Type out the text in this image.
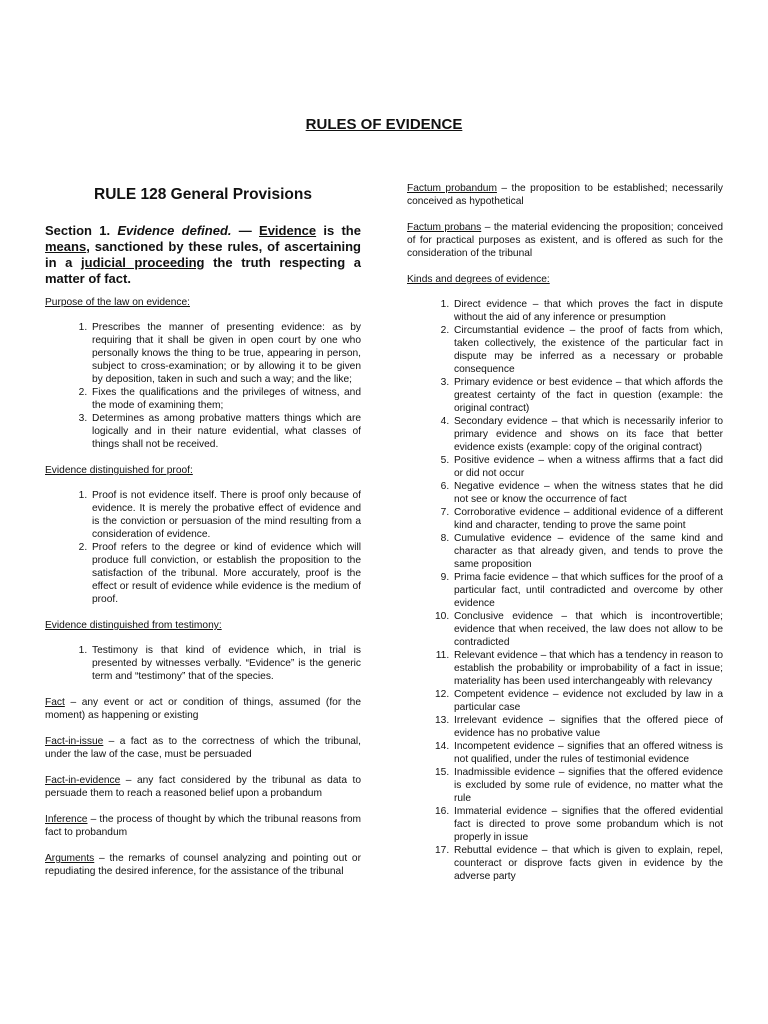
RULES OF EVIDENCE
RULE 128 General Provisions
Section 1. Evidence defined. — Evidence is the means, sanctioned by these rules, of ascertaining in a judicial proceeding the truth respecting a matter of fact.
Purpose of the law on evidence:
1. Prescribes the manner of presenting evidence: as by requiring that it shall be given in open court by one who personally knows the thing to be true, appearing in person, subject to cross-examination; or by allowing it to be given by deposition, taken in such and such a way; and the like;
2. Fixes the qualifications and the privileges of witness, and the mode of examining them;
3. Determines as among probative matters things which are logically and in their nature evidential, what classes of things shall not be received.
Evidence distinguished for proof:
1. Proof is not evidence itself. There is proof only because of evidence. It is merely the probative effect of evidence and is the conviction or persuasion of the mind resulting from a consideration of evidence.
2. Proof refers to the degree or kind of evidence which will produce full conviction, or establish the proposition to the satisfaction of the tribunal. More accurately, proof is the effect or result of evidence while evidence is the medium of proof.
Evidence distinguished from testimony:
1. Testimony is that kind of evidence which, in trial is presented by witnesses verbally. “Evidence” is the generic term and “testimony” that of the species.
Fact – any event or act or condition of things, assumed (for the moment) as happening or existing
Fact-in-issue – a fact as to the correctness of which the tribunal, under the law of the case, must be persuaded
Fact-in-evidence – any fact considered by the tribunal as data to persuade them to reach a reasoned belief upon a probandum
Inference – the process of thought by which the tribunal reasons from fact to probandum
Arguments – the remarks of counsel analyzing and pointing out or repudiating the desired inference, for the assistance of the tribunal
Factum probandum – the proposition to be established; necessarily conceived as hypothetical
Factum probans – the material evidencing the proposition; conceived of for practical purposes as existent, and is offered as such for the consideration of the tribunal
Kinds and degrees of evidence:
1. Direct evidence – that which proves the fact in dispute without the aid of any inference or presumption
2. Circumstantial evidence – the proof of facts from which, taken collectively, the existence of the particular fact in dispute may be inferred as a necessary or probable consequence
3. Primary evidence or best evidence – that which affords the greatest certainty of the fact in question (example: the original contract)
4. Secondary evidence – that which is necessarily inferior to primary evidence and shows on its face that better evidence exists (example: copy of the original contract)
5. Positive evidence – when a witness affirms that a fact did or did not occur
6. Negative evidence – when the witness states that he did not see or know the occurrence of fact
7. Corroborative evidence – additional evidence of a different kind and character, tending to prove the same point
8. Cumulative evidence – evidence of the same kind and character as that already given, and tends to prove the same proposition
9. Prima facie evidence – that which suffices for the proof of a particular fact, until contradicted and overcome by other evidence
10. Conclusive evidence – that which is incontrovertible; evidence that when received, the law does not allow to be contradicted
11. Relevant evidence – that which has a tendency in reason to establish the probability or improbability of a fact in issue; materiality has been used interchangeably with relevancy
12. Competent evidence – evidence not excluded by law in a particular case
13. Irrelevant evidence – signifies that the offered piece of evidence has no probative value
14. Incompetent evidence – signifies that an offered witness is not qualified, under the rules of testimonial evidence
15. Inadmissible evidence – signifies that the offered evidence is excluded by some rule of evidence, no matter what the rule
16. Immaterial evidence – signifies that the offered evidential fact is directed to prove some probandum which is not properly in issue
17. Rebuttal evidence – that which is given to explain, repel, counteract or disprove facts given in evidence by the adverse party
